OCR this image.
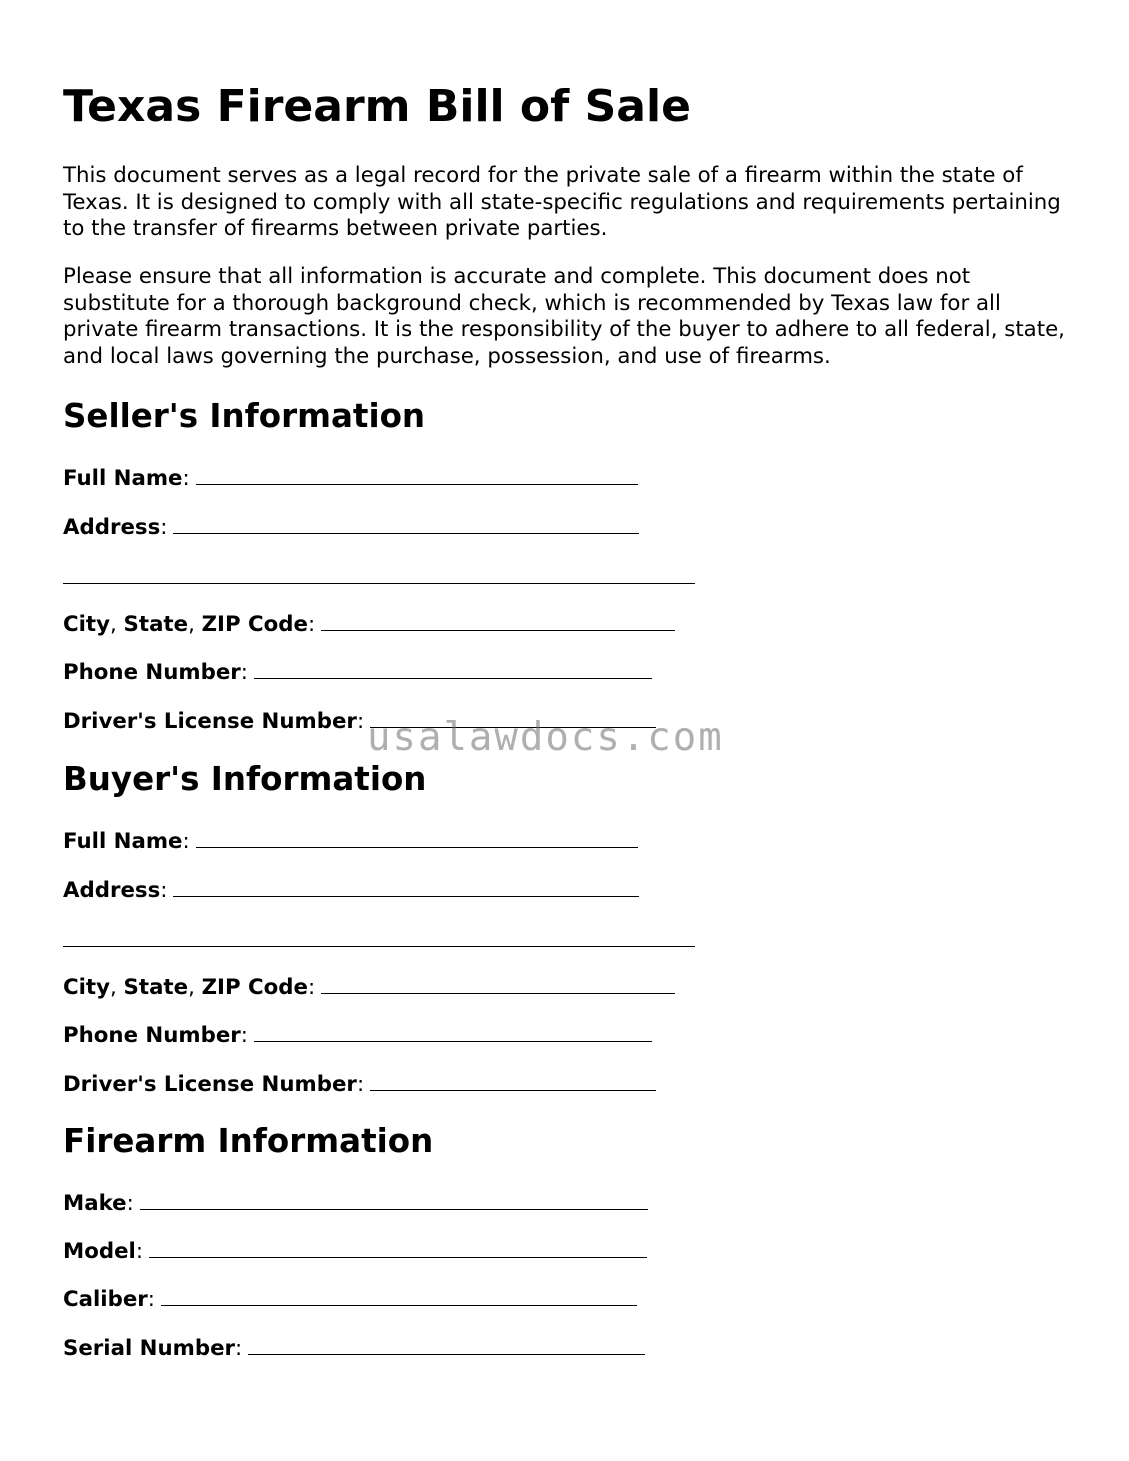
Texas Firearm Bill of Sale

This document serves as a legal record for the private sale of a firearm within the state of Texas. It is designed to comply with all state-specific regulations and requirements pertaining to the transfer of firearms between private parties.

Please ensure that all information is accurate and complete. This document does not substitute for a thorough background check, which is recommended by Texas law for all private firearm transactions. It is the responsibility of the buyer to adhere to all federal, state, and local laws governing the purchase, possession, and use of firearms.

Seller's Information
Full Name:
Address:
City, State, ZIP Code:
Phone Number:
Driver's License Number:
Buyer's Information
Full Name:
Address:
City, State, ZIP Code:
Phone Number:
Driver's License Number:
Firearm Information
Make:
Model:
Caliber:
Serial Number:
usalawdocs.com
